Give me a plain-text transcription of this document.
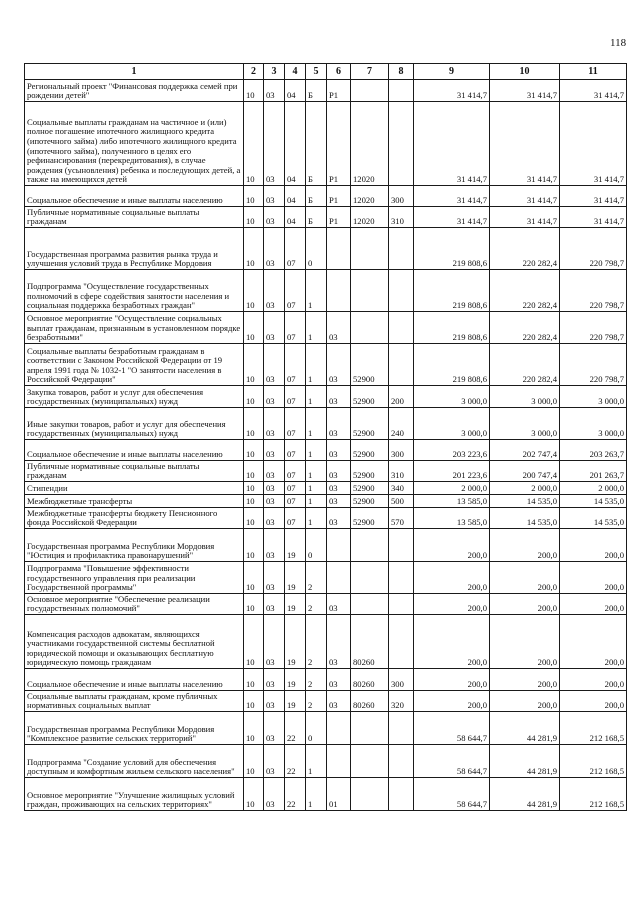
118
1	2	3	4	5	6	7	8	9	10	11
Региональный проект "Финансовая поддержка семей при рождении детей"	10	03	04	Б	P1			31 414,7	31 414,7	31 414,7
Социальные выплаты гражданам на частичное и (или) полное погашение ипотечного жилищного кредита (ипотечного займа) либо ипотечного жилищного кредита (ипотечного займа), полученного в целях его рефинансирования (перекредитования), в случае рождения (усыновления) ребенка и последующих детей, а также на имеющихся детей	10	03	04	Б	P1	12020		31 414,7	31 414,7	31 414,7
Социальное обеспечение и иные выплаты населению	10	03	04	Б	P1	12020	300	31 414,7	31 414,7	31 414,7
Публичные нормативные социальные выплаты гражданам	10	03	04	Б	P1	12020	310	31 414,7	31 414,7	31 414,7
Государственная программа развития рынка труда и улучшения условий труда в Республике Мордовия	10	03	07	0				219 808,6	220 282,4	220 798,7
Подпрограмма "Осуществление государственных полномочий в сфере содействия занятости населения и социальная поддержка безработных граждан"	10	03	07	1				219 808,6	220 282,4	220 798,7
Основное мероприятие "Осуществление социальных выплат гражданам, признанным в установленном порядке безработными"	10	03	07	1	03			219 808,6	220 282,4	220 798,7
Социальные выплаты безработным гражданам в соответствии с Законом Российской Федерации от 19 апреля 1991 года № 1032-1 "О занятости населения в Российской Федерации"	10	03	07	1	03	52900		219 808,6	220 282,4	220 798,7
Закупка товаров, работ и услуг для обеспечения государственных (муниципальных) нужд	10	03	07	1	03	52900	200	3 000,0	3 000,0	3 000,0
Иные закупки товаров, работ и услуг для обеспечения государственных (муниципальных) нужд	10	03	07	1	03	52900	240	3 000,0	3 000,0	3 000,0
Социальное обеспечение и иные выплаты населению	10	03	07	1	03	52900	300	203 223,6	202 747,4	203 263,7
Публичные нормативные социальные выплаты гражданам	10	03	07	1	03	52900	310	201 223,6	200 747,4	201 263,7
Стипендии	10	03	07	1	03	52900	340	2 000,0	2 000,0	2 000,0
Межбюджетные трансферты	10	03	07	1	03	52900	500	13 585,0	14 535,0	14 535,0
Межбюджетные трансферты бюджету Пенсионного фонда Российской Федерации	10	03	07	1	03	52900	570	13 585,0	14 535,0	14 535,0
Государственная программа Республики Мордовия "Юстиция и профилактика правонарушений"	10	03	19	0				200,0	200,0	200,0
Подпрограмма "Повышение эффективности государственного управления при реализации Государственной программы"	10	03	19	2				200,0	200,0	200,0
Основное мероприятие "Обеспечение реализации государственных полномочий"	10	03	19	2	03			200,0	200,0	200,0
Компенсация расходов адвокатам, являющихся участниками государственной системы бесплатной юридической помощи и оказывающих бесплатную юридическую помощь гражданам	10	03	19	2	03	80260		200,0	200,0	200,0
Социальное обеспечение и иные выплаты населению	10	03	19	2	03	80260	300	200,0	200,0	200,0
Социальные выплаты гражданам, кроме публичных нормативных социальных выплат	10	03	19	2	03	80260	320	200,0	200,0	200,0
Государственная программа Республики Мордовия "Комплексное развитие сельских территорий"	10	03	22	0				58 644,7	44 281,9	212 168,5
Подпрограмма "Создание условий для обеспечения доступным и комфортным жильем сельского населения"	10	03	22	1				58 644,7	44 281,9	212 168,5
Основное мероприятие "Улучшение жилищных условий граждан, проживающих на сельских территориях"	10	03	22	1	01			58 644,7	44 281,9	212 168,5
